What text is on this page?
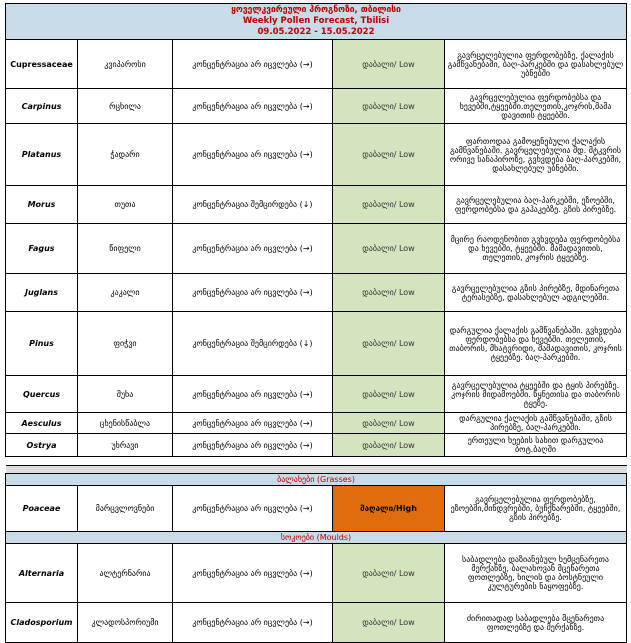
ყოველკვირეული პროგნოზი, თბილისი
Weekly Pollen Forecast, Tbilisi
09.05.2022 - 15.05.2022				

Cupressaceae	კვიპაროსი	კონცენტრაცია არ იცვლება (→)	დაბალი/ Low	გავრცელებულია ფერდობებზე, ქალაქის გამწვანებაში, ბაღ-პარკებში და დასახლებულ უბნებში
Carpinus	რცხილა	კონცენტრაცია არ იცვლება (→)	დაბალი/ Low	გავრცელებულია ფერდობებსა და ხევებში,ტყეებში.თელეთის,კოჯრის,მამა დავითის ტყეებში.
Platanus	ჭადარი	კონცენტრაცია არ იცვლება (→)	დაბალი/ Low	ფართოდაა გამოყენებული ქალაქის გამწვანებაში. გავრცელებულია მდ. მტკვრის ორივე სანაპიროზე, გვხვდება ბაღ-პარკებში, დასახლებულ უბნებში.
Morus	თუთა	კონცენტრაცია შემცირდება (↓)	დაბალი/ Low	გავრცელებულია ბაღ-პარკებში, ეზოებში, ფერდობებსა და გაჰაკებზე. გზის პირებზე.
Fagus	წიფელი	კონცენტრაცია არ იცვლება (→)	დაბალი/ Low	მცირე რაოდენობით გვხვდება ფერდობებსა და ხევებში, ტყეებში. მამადავითის, თელეთის, კოჯრის ტყეებზე.
Juglans	კაკალი	კონცენტრაცია არ იცვლება (→)	დაბალი/ Low	გავრცელებულია გზის პირებზე, მდინარეთა ტერასებზე, დასახლებულ ადგილებში.
Pinus	ფიჭვი	კონცენტრაცია შემცირდება (↓)	დაბალი/ Low	დარგულია ქალაქის გამწვანებაში. გვხვდება ფერდობებსა და ხევებში. თელეთის, თაბორის, მხატვრიდი, მამადავითის, კოჯრის ტყეებზე. ბაღ-პარკებში.
Quercus	მუხა	კონცენტრაცია არ იცვლება (→)	დაბალი/ Low	გავრცელებულია ტყეებში და ტყის პირებზე. კოჯრის მიდამოებში. წყნეთისა და თაბორის ტყეზე.
Aesculus	ცხენისწაბლა	კონცენტრაცია არ იცვლება (→)	დაბალი/ Low	დარგულია ქალაქის გამწვანებაში, გზის პირებზე, ბაღ-პარკებში.
Ostrya	უხრავი	კონცენტრაცია არ იცვლება (→)	დაბალი/ Low	ერთეული ხეების სახით დარგულია ბოტ.ბაღში

ბალახები (Grasses)				
Poaceae	მარცვლოვნები	კონცენტრაცია არ იცვლება (→)	მაღალი/High	გავრცელებულია ფერდობებზე, ეზოებში,მინდვრებში, ბუჩქნარებში, ტყეებში, გზის პირებზე.
სოკოები (Moulds)				
Alternaria	ალტერნარია	კონცენტრაცია არ იცვლება (→)	დაბალი/ Low	საბადლება დაზიანებულ ხემცენარეთა მერქანზე, ბალახოვან მცენარეთა ფოთლებზე, ხილის და ბოსტნეული კულტურების ნაყოფებზე.
Cladosporium	კლადოსპორიუმი	კონცენტრაცია არ იცვლება (→)	დაბალი/ Low	ძირითადად საბადლება მცენარეთა ფოთლებზე და მერქანზე.
